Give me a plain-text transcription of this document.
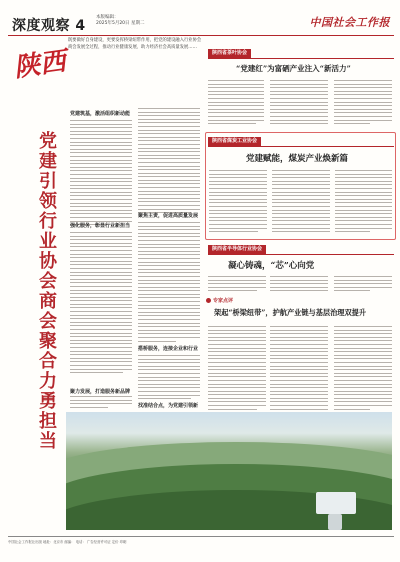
深度观察 4
本版编辑：
2025年5月20日 星期二	中国社会工作报
陕西
党建引领行业协会商会聚合力勇担当
既要做好自身建设，更要发挥桥梁纽带作用，把党的建设融入行业协会商会发展全过程，推动行业健康发展、助力经济社会高质量发展……
党建筑基，激活组织新动能
强化服务，彰显行业新担当
聚力发展，打造服务新品牌
聚焦主责，促进高质量发展
搭桥服务，连接企业和行业
找准结合点，为党建引领新
陕西省茶叶协会
“党建红”为富硒产业注入“新活力”
陕西省煤炭工业协会
党建赋能，煤炭产业焕新篇
陕西省半导体行业协会
凝心铸魂，“芯”心向党
专家点评
架起“桥梁纽带”，护航产业链与基层治理双提升
中国社会工作报社出版 地址：北京市 邮编： 电话： 广告经营许可证 定价 印刷
